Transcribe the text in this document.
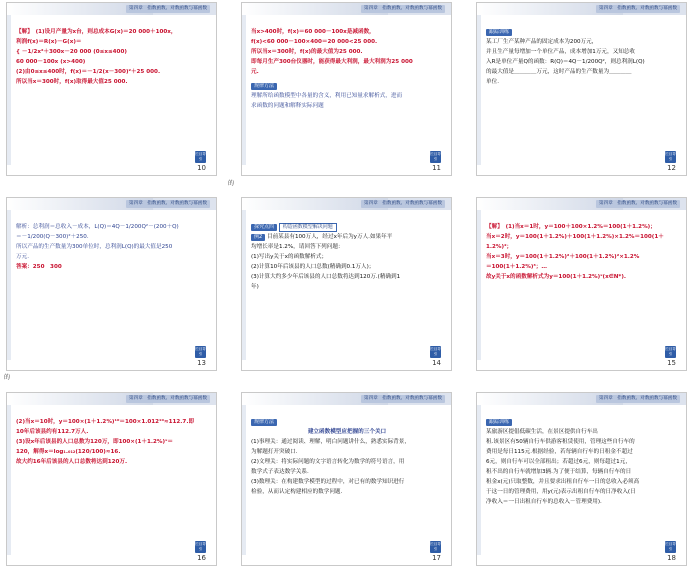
第四章　指数函数、对数函数与幂函数
【解】　(1)设月产量为x台，则总成本G(x)＝20 000＋100x，
利润f(x)＝R(x)－G(x)＝
{ －1/2x²＋300x－20 000 (0≤x≤400)
60 000－100x (x>400)
(2)由0≤x≤400时，f(x)＝－1/2(x－300)²＋25 000.
所以当x＝300时，f(x)取得最大值25 000.
栏目导引
10
第四章　指数函数、对数函数与幂函数
当x>400时，f(x)＝60 000－100x是减函数，
f(x)<60 000－100×400＝20 000<25 000.
所以当x＝300时，f(x)的最大值为25 000.
即每月生产300台仪器时，能获得最大利润，最大利润为25 000
元.
规律方法
理解所给函数模型中各量的含义，利用已知量求解析式，进而
求函数的问题和解释实际问题
栏目导引
11
第四章　指数函数、对数函数与幂函数
跟踪训练
某工厂生产某种产品的固定成本为200万元，
并且生产量每增加一个单位产品，成本增加1万元，又知总收
入R是单位产量Q的函数：R(Q)＝4Q－1/200Q²，则总利润L(Q)
的最大值是＿＿＿＿万元，这时产品的生产数量为＿＿＿＿
单位.
栏目导引
12
第四章　指数函数、对数函数与幂函数
解析：总利润＝总收入－成本，L(Q)＝4Q－1/200Q²－(200＋Q)
＝－1/200(Q－300)²＋250.
所以产品的生产数量为300单位时，总利润L(Q)的最大值是250
万元.
答案：250　300
栏目导引
13
第四章　指数函数、对数函数与幂函数
探究点四 构造函数模型解决问题
例2 目前某县有100万人，经过x年后为y万人.如果年平
均增长率是1.2%，请回答下列问题：
(1)写出y关于x的函数解析式；
(2)计算10年后该县的人口总数(精确到0.1万人)；
(3)计算大约多少年后该县的人口总数将达到120万.(精确到1
年)
栏目导引
14
第四章　指数函数、对数函数与幂函数
【解】　(1)当x＝1时，y＝100＋100×1.2%＝100(1＋1.2%)；
当x＝2时，y＝100(1＋1.2%)＋100(1＋1.2%)×1.2%＝100(1＋
1.2%)²；
当x＝3时，y＝100(1＋1.2%)²＋100(1＋1.2%)²×1.2%
＝100(1＋1.2%)³；…
故y关于x的函数解析式为y＝100(1＋1.2%)ˣ(x∈N*).
栏目导引
15
第四章　指数函数、对数函数与幂函数
(2)当x＝10时，y＝100×(1＋1.2%)¹⁰＝100×1.012¹⁰≈112.7.即
10年后该县约有112.7万人.
(3)设x年后该县的人口总数为120万，即100×(1＋1.2%)ˣ＝
120，解得x＝log₁.₀₁₂(120/100)≈16.
故大约16年后该县的人口总数将达到120万.
栏目导引
16
第四章　指数函数、对数函数与幂函数
规律方法
建立函数模型应把握的三个关口
(1)事理关：通过阅读、理解，明白问题讲什么，熟悉实际背景，
为解题打开突破口.
(2)文理关：将实际问题的文字语言转化为数学的符号语言，用
数学式子表达数学关系.
(3)数理关：在构建数学模型的过程中，对已有的数学知识进行
检验，从而认定构建相应的数学问题.
栏目导引
17
第四章　指数函数、对数函数与幂函数
跟踪训练
某旅游区提倡低碳生活，在景区提供自行车出
租.该景区有50辆自行车供游客租赁使用，管理这些自行车的
费用是每日115元.根据经验，若每辆自行车的日租金不超过
6元，则自行车可以全部租出；若超过6元，则每超过1元，
租不出的自行车就增加3辆.为了便于结算，每辆自行车的日
租金x(元)只取整数，并且要求出租自行车一日的总收入必须高
于这一日的管理费用，用y(元)表示出租自行车的日净收入(日
净收入＝一日出租自行车的总收入－管理费用).
栏目导引
18
的
的
